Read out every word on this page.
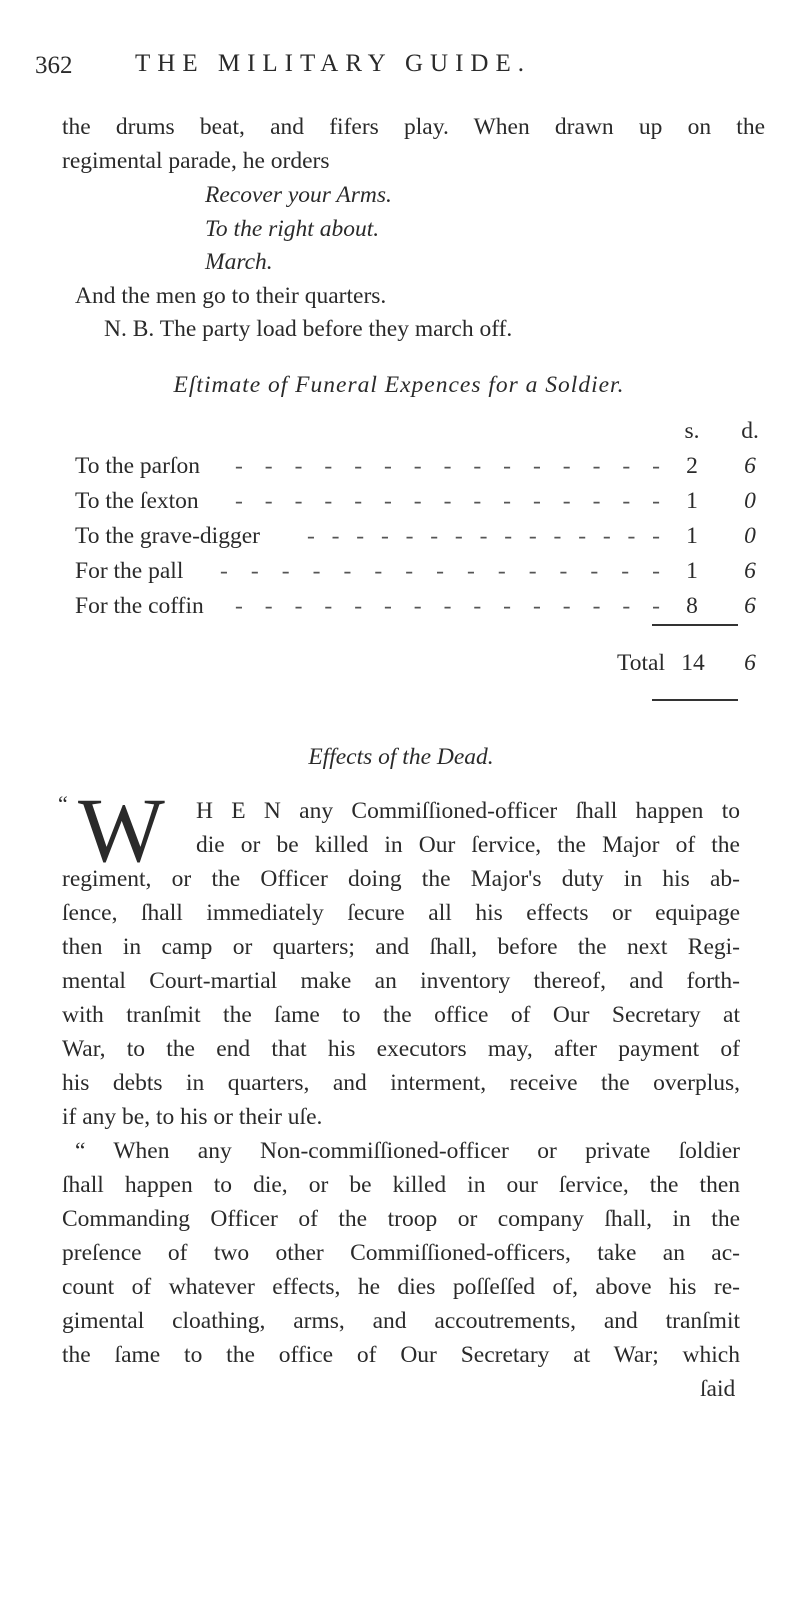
362	THE MILITARY GUIDE.
the drums beat, and fifers play. When drawn up on the
regimental parade, he orders
Recover your Arms.
To the right about.
March.
And the men go to their quarters.
N. B. The party load before they march off.
Eſtimate of Funeral Expences for a Soldier.
s.	d.
To the parſon - - - - - - - - - - - - - - -	2	6
To the ſexton - - - - - - - - - - - - - - -	1	0
To the grave-digger - - - - - - - - - - - - - - -	1	0
For the pall - - - - - - - - - - - - - - -	1	6
For the coffin - - - - - - - - - - - - - - -	8	6
Total 14	6
Effects of the Dead.
“ W H E N any Commiſſioned-officer ſhall happen to
die or be killed in Our ſervice, the Major of the
regiment, or the Officer doing the Major's duty in his ab-
ſence, ſhall immediately ſecure all his effects or equipage
then in camp or quarters; and ſhall, before the next Regi-
mental Court-martial make an inventory thereof, and forth-
with tranſmit the ſame to the office of Our Secretary at
War, to the end that his executors may, after payment of
his debts in quarters, and interment, receive the overplus,
if any be, to his or their uſe.
“ When any Non-commiſſioned-officer or private ſoldier
ſhall happen to die, or be killed in our ſervice, the then
Commanding Officer of the troop or company ſhall, in the
preſence of two other Commiſſioned-officers, take an ac-
count of whatever effects, he dies poſſeſſed of, above his re-
gimental cloathing, arms, and accoutrements, and tranſmit
the ſame to the office of Our Secretary at War; which
ſaid
